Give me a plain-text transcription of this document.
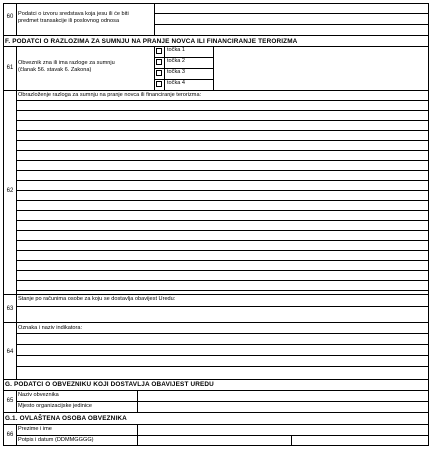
60 Podatci o izvoru sredstava koja jesu ili će biti
predmet transakcije ili poslovnog odnosa
F. PODATCI O RAZLOZIMA ZA SUMNJU NA PRANJE NOVCA ILI FINANCIRANJE TERORIZMA
61
Obveznik zna ili ima razloge za sumnju
(članak 56. stavak 6. Zakona)
točka 1
točka 2
točka 3
točka 4
62
Obrazloženje razloga za sumnju na pranje novca ili financiranje terorizma:
63
Stanje po računima osobe za koju se dostavlja obavijest Uredu:
64
Oznaka i naziv indikatora:
G. PODATCI O OBVEZNIKU KOJI DOSTAVLJA OBAVIJEST UREDU
65
Naziv obveznika
Mjesto organizacijske jedinice
G.1. OVLAŠTENA OSOBA OBVEZNIKA
66
Prezime i ime
Potpis i datum (DDMMGGGG)
